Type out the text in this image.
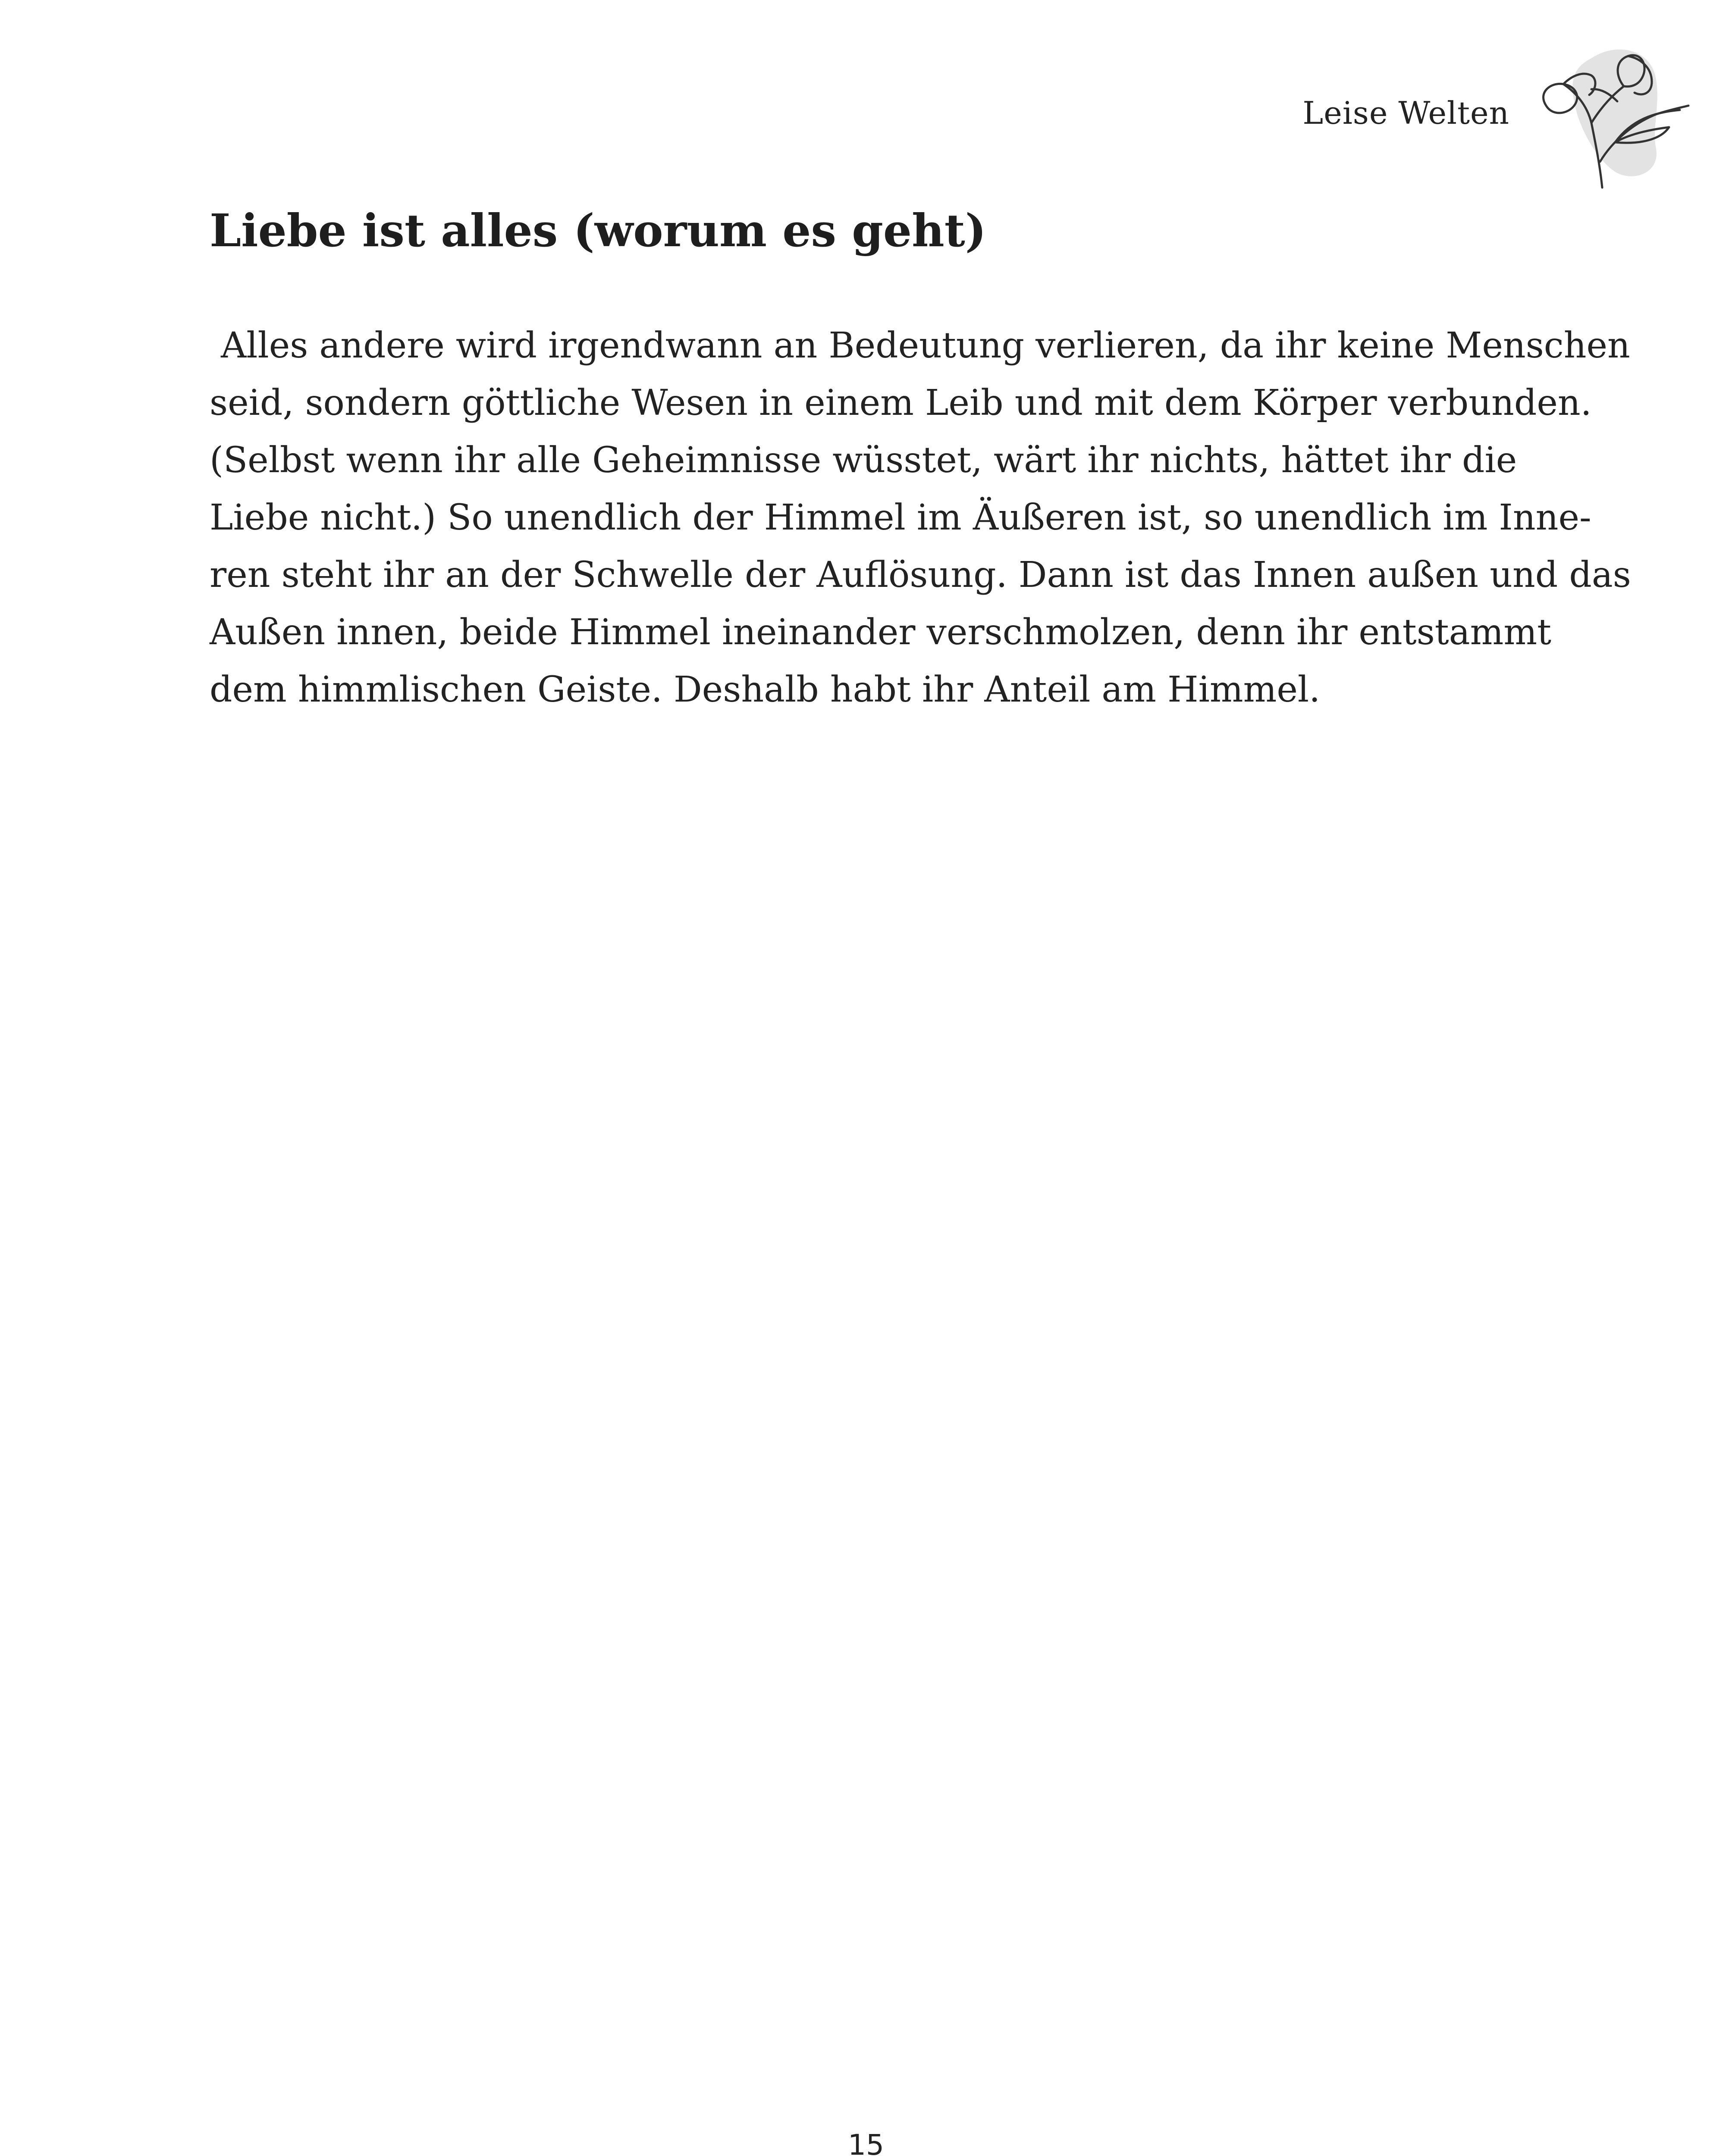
Leise Welten
Liebe ist alles (worum es geht)
Alles andere wird irgendwann an Bedeutung verlieren, da ihr keine Menschen
seid, sondern göttliche Wesen in einem Leib und mit dem Körper verbunden.
(Selbst wenn ihr alle Geheimnisse wüsstet, wärt ihr nichts, hättet ihr die
Liebe nicht.) So unendlich der Himmel im Äußeren ist, so unendlich im Inne-
ren steht ihr an der Schwelle der Auflösung. Dann ist das Innen außen und das
Außen innen, beide Himmel ineinander verschmolzen, denn ihr entstammt
dem himmlischen Geiste. Deshalb habt ihr Anteil am Himmel.
15
